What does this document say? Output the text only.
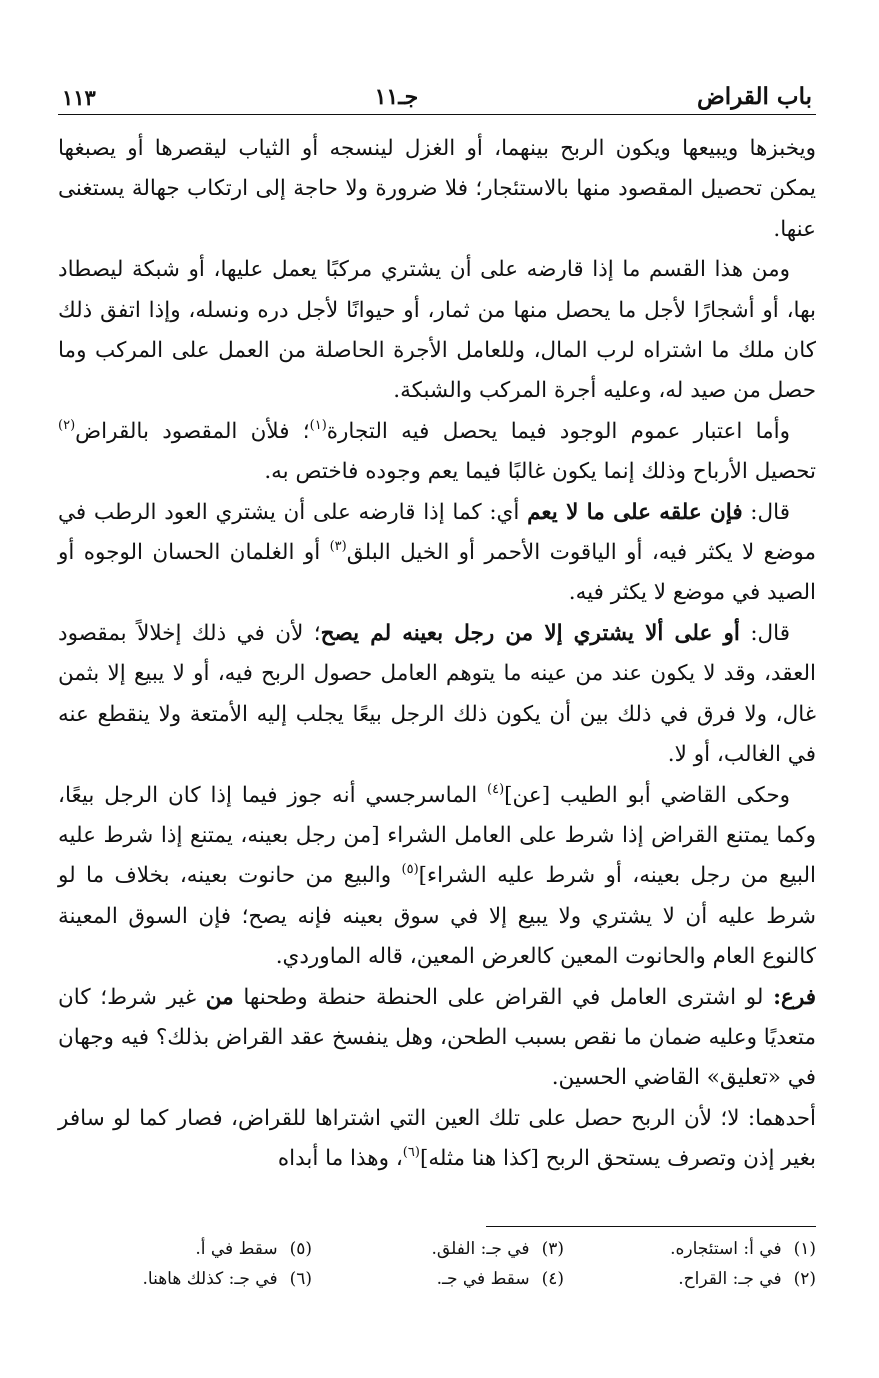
باب القراض
جـ١١
١١٣

ويخبزها ويبيعها ويكون الربح بينهما، أو الغزل لينسجه أو الثياب ليقصرها أو يصبغها يمكن تحصيل المقصود منها بالاستئجار؛ فلا ضرورة ولا حاجة إلى ارتكاب جهالة يستغنى عنها.

ومن هذا القسم ما إذا قارضه على أن يشتري مركبًا يعمل عليها، أو شبكة ليصطاد بها، أو أشجارًا لأجل ما يحصل منها من ثمار، أو حيوانًا لأجل دره ونسله، وإذا اتفق ذلك كان ملك ما اشتراه لرب المال، وللعامل الأجرة الحاصلة من العمل على المركب وما حصل من صيد له، وعليه أجرة المركب والشبكة.

وأما اعتبار عموم الوجود فيما يحصل فيه التجارة$^{(١)}$؛ فلأن المقصود بالقراض$^{(٢)}$ تحصيل الأرباح وذلك إنما يكون غالبًا فيما يعم وجوده فاختص به.

قال: فإن علقه على ما لا يعم أي: كما إذا قارضه على أن يشتري العود الرطب في موضع لا يكثر فيه، أو الياقوت الأحمر أو الخيل البلق$^{(٣)}$ أو الغلمان الحسان الوجوه أو الصيد في موضع لا يكثر فيه.

قال: أو على ألا يشتري إلا من رجل بعينه لم يصح؛ لأن في ذلك إخلالاً بمقصود العقد، وقد لا يكون عند من عينه ما يتوهم العامل حصول الربح فيه، أو لا يبيع إلا بثمن غال، ولا فرق في ذلك بين أن يكون ذلك الرجل بيعًا يجلب إليه الأمتعة ولا ينقطع عنه في الغالب، أو لا.

وحكى القاضي أبو الطيب [عن]$^{(٤)}$ الماسرجسي أنه جوز فيما إذا كان الرجل بيعًا، وكما يمتنع القراض إذا شرط على العامل الشراء [من رجل بعينه، يمتنع إذا شرط عليه البيع من رجل بعينه، أو شرط عليه الشراء]$^{(٥)}$ والبيع من حانوت بعينه، بخلاف ما لو شرط عليه أن لا يشتري ولا يبيع إلا في سوق بعينه فإنه يصح؛ فإن السوق المعينة كالنوع العام والحانوت المعين كالعرض المعين، قاله الماوردي.

فرع: لو اشترى العامل في القراض على الحنطة حنطة وطحنها من غير شرط؛ كان متعديًا وعليه ضمان ما نقص بسبب الطحن، وهل ينفسخ عقد القراض بذلك؟ فيه وجهان في «تعليق» القاضي الحسين.

أحدهما: لا؛ لأن الربح حصل على تلك العين التي اشتراها للقراض، فصار كما لو سافر بغير إذن وتصرف يستحق الربح [كذا هنا مثله]$^{(٦)}$، وهذا ما أبداه

(١)في أ: استئجاره.
(٣)في جـ: الفلق.
(٥)سقط في أ.
(٢)في جـ: القراح.
(٤)سقط في جـ.
(٦)في جـ: كذلك هاهنا.
